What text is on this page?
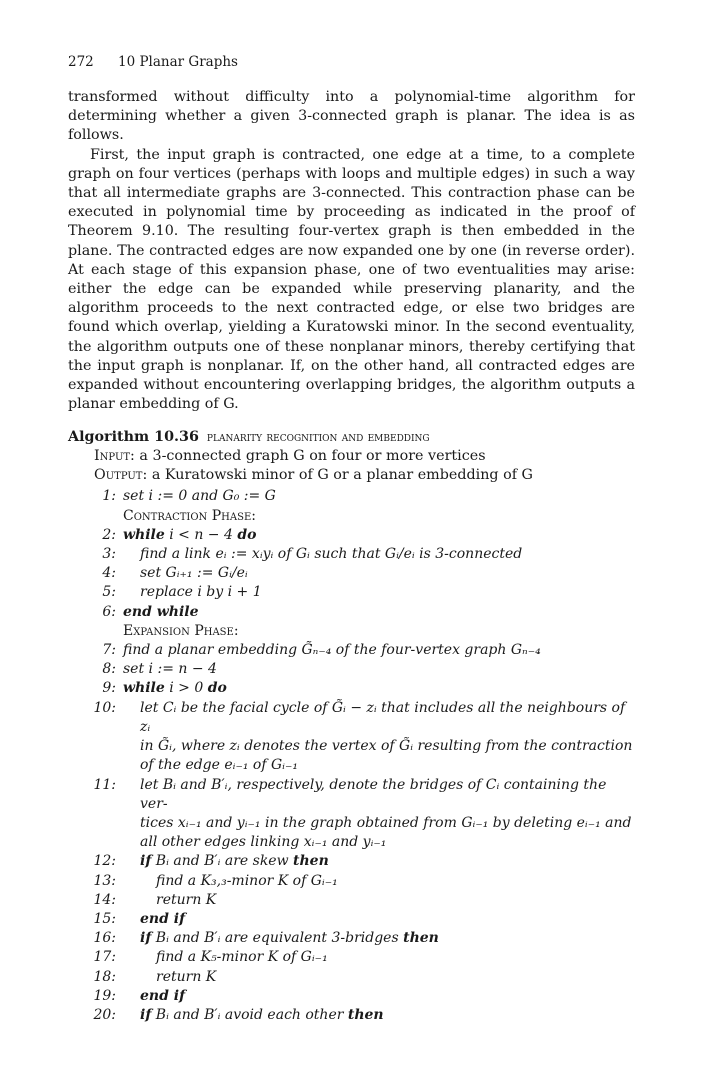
272 10 Planar Graphs

transformed without difficulty into a polynomial-time algorithm for determining whether a given 3-connected graph is planar. The idea is as follows.

First, the input graph is contracted, one edge at a time, to a complete graph on four vertices (perhaps with loops and multiple edges) in such a way that all intermediate graphs are 3-connected. This contraction phase can be executed in polynomial time by proceeding as indicated in the proof of Theorem 9.10. The resulting four-vertex graph is then embedded in the plane. The contracted edges are now expanded one by one (in reverse order). At each stage of this expansion phase, one of two eventualities may arise: either the edge can be expanded while preserving planarity, and the algorithm proceeds to the next contracted edge, or else two bridges are found which overlap, yielding a Kuratowski minor. In the second eventuality, the algorithm outputs one of these nonplanar minors, thereby certifying that the input graph is nonplanar. If, on the other hand, all contracted edges are expanded without encountering overlapping bridges, the algorithm outputs a planar embedding of G.

Algorithm 10.36 planarity recognition and embedding
Input: a 3-connected graph G on four or more vertices
Output: a Kuratowski minor of G or a planar embedding of G
1: set i := 0 and G₀ := G
Contraction Phase:
2: while i < n − 4 do
3: find a link eᵢ := xᵢyᵢ of Gᵢ such that Gᵢ/eᵢ is 3-connected
4: set Gᵢ₊₁ := Gᵢ/eᵢ
5: replace i by i + 1
6: end while
Expansion Phase:
7: find a planar embedding G̃ₙ₋₄ of the four-vertex graph Gₙ₋₄
8: set i := n − 4
9: while i > 0 do
10: let Cᵢ be the facial cycle of G̃ᵢ − zᵢ that includes all the neighbours of zᵢ
in G̃ᵢ, where zᵢ denotes the vertex of G̃ᵢ resulting from the contraction
of the edge eᵢ₋₁ of Gᵢ₋₁
11: let Bᵢ and B′ᵢ, respectively, denote the bridges of Cᵢ containing the ver-
tices xᵢ₋₁ and yᵢ₋₁ in the graph obtained from Gᵢ₋₁ by deleting eᵢ₋₁ and
all other edges linking xᵢ₋₁ and yᵢ₋₁
12: if Bᵢ and B′ᵢ are skew then
13:	find a K₃,₃-minor K of Gᵢ₋₁
14:	return K
15: end if
16: if Bᵢ and B′ᵢ are equivalent 3-bridges then
17:	find a K₅-minor K of Gᵢ₋₁
18:	return K
19: end if
20: if Bᵢ and B′ᵢ avoid each other then
